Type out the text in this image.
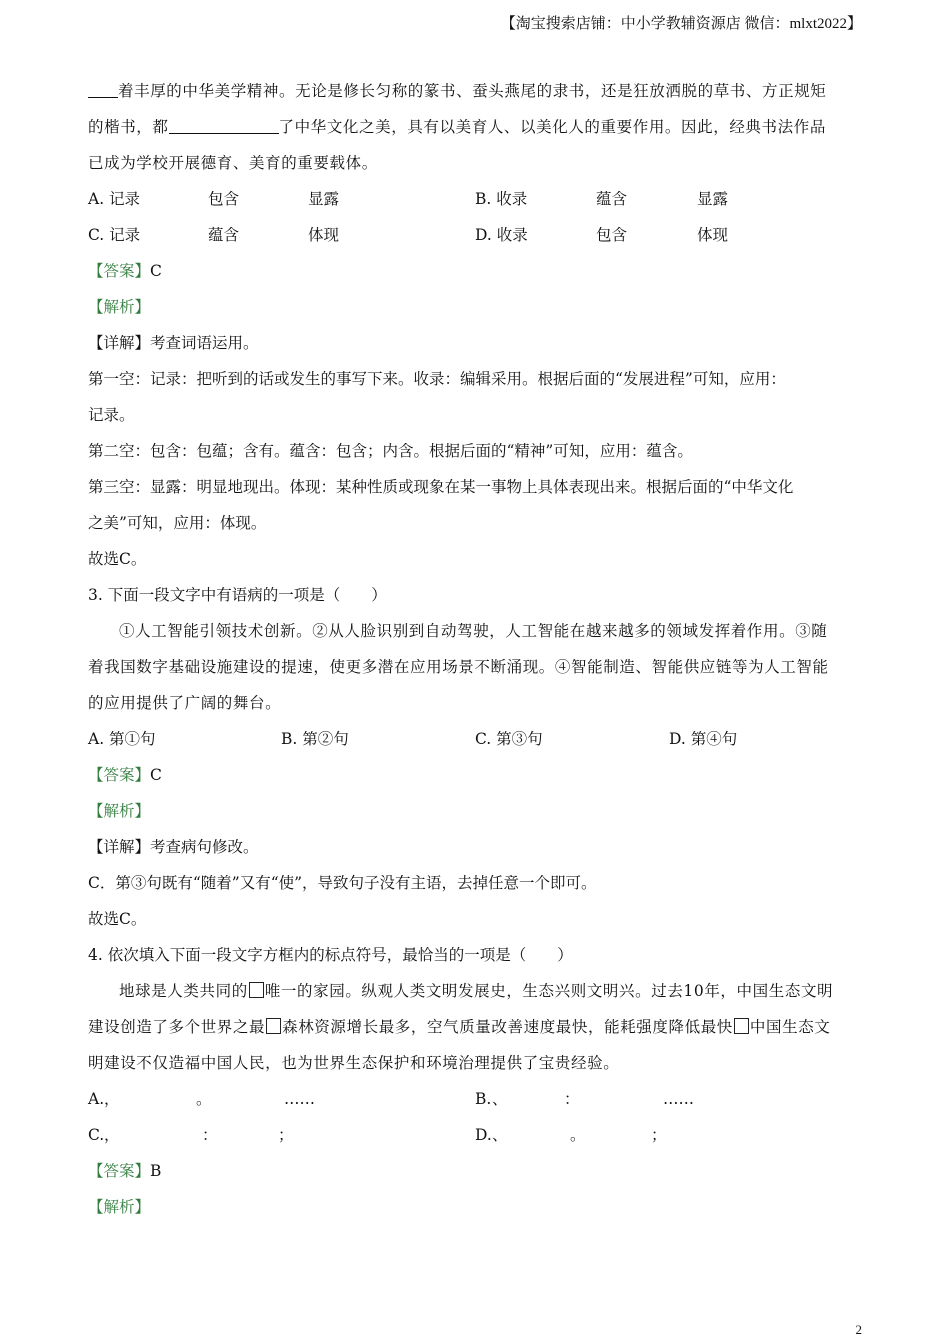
【淘宝搜索店铺：中小学教辅资源店 微信：mlxt2022】
着丰厚的中华美学精神。无论是修长匀称的篆书、蚕头燕尾的隶书，还是狂放洒脱的草书、方正规矩
的楷书，都	了中华文化之美，具有以美育人、以美化人的重要作用。因此，经典书法作品
已成为学校开展德育、美育的重要载体。
A. 记录	包含	显露	B. 收录	蕴含	显露
C. 记录	蕴含	体现	D. 收录	包含	体现
【答案】C
【解析】
【详解】考查词语运用。
第一空：记录：把听到的话或发生的事写下来。收录：编辑采用。根据后面的“发展进程”可知，应用：
记录。
第二空：包含：包蕴；含有。蕴含：包含；内含。根据后面的“精神”可知，应用：蕴含。
第三空：显露：明显地现出。体现：某种性质或现象在某一事物上具体表现出来。根据后面的“中华文化
之美”可知，应用：体现。
故选C。
3. 下面一段文字中有语病的一项是（　　）
①人工智能引领技术创新。②从人脸识别到自动驾驶，人工智能在越来越多的领域发挥着作用。③随
着我国数字基础设施建设的提速，使更多潜在应用场景不断涌现。④智能制造、智能供应链等为人工智能
的应用提供了广阔的舞台。
A. 第①句	B. 第②句	C. 第③句	D. 第④句
【答案】C
【解析】
【详解】考查病句修改。
C．第③句既有“随着”又有“使”，导致句子没有主语，去掉任意一个即可。
故选C。
4. 依次填入下面一段文字方框内的标点符号，最恰当的一项是（　　）
地球是人类共同的 唯一的家园。纵观人类文明发展史，生态兴则文明兴。过去10年，中国生态文明
建设创造了多个世界之最 森林资源增长最多，空气质量改善速度最快，能耗强度降低最快 中国生态文
明建设不仅造福中国人民，也为世界生态保护和环境治理提供了宝贵经验。
A. ，	。	……	B. 、	：	……
C. ，	：	；	D. 、	。	；
【答案】B
【解析】
2
